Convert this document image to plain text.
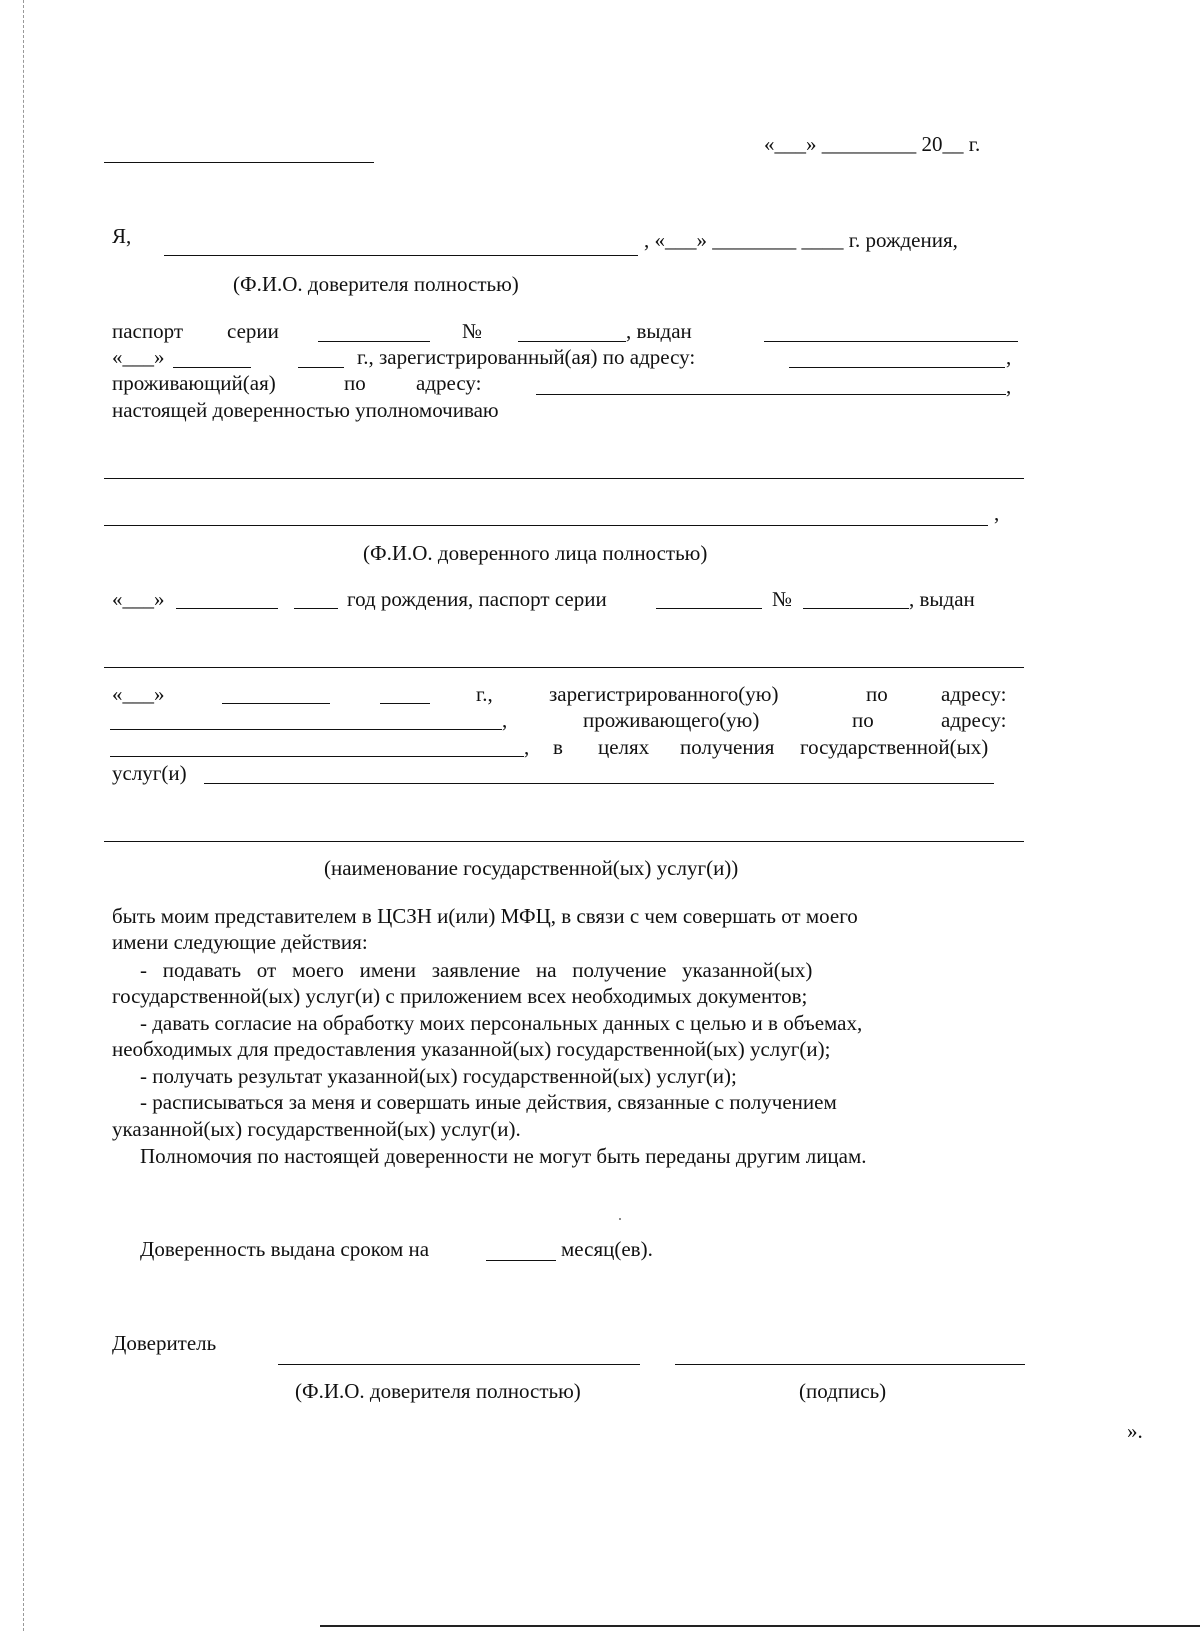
«___» _________ 20__ г.
Я,	, «___» ________ ____ г. рождения,
(Ф.И.О. доверителя полностью)
паспорт серии	№	, выдан
«___»	г., зарегистрированный(ая) по адресу:	,
проживающий(ая)	по адресу:	,
настоящей доверенностью уполномочиваю
,
(Ф.И.О. доверенного лица полностью)
«___»	год рождения, паспорт серии	№	, выдан
«___»	г.,	зарегистрированного(ую)	по	адресу:
,	проживающего(ую)	по	адресу:
, в целях получения государственной(ых)
услуг(и)
(наименование государственной(ых) услуг(и))
быть моим представителем в ЦСЗН и(или) МФЦ, в связи с чем совершать от моего
имени следующие действия:
-   подавать   от   моего   имени   заявление   на   получение   указанной(ых)
государственной(ых) услуг(и) с приложением всех необходимых документов;
- давать согласие на обработку моих персональных данных с целью и в объемах,
необходимых для предоставления указанной(ых) государственной(ых) услуг(и);
- получать результат указанной(ых) государственной(ых) услуг(и);
- расписываться за меня и совершать иные действия, связанные с получением
указанной(ых) государственной(ых) услуг(и).
Полномочия по настоящей доверенности не могут быть переданы другим лицам.
Доверенность выдана сроком на	месяц(ев).
Доверитель
(Ф.И.О. доверителя полностью)	(подпись)
».
